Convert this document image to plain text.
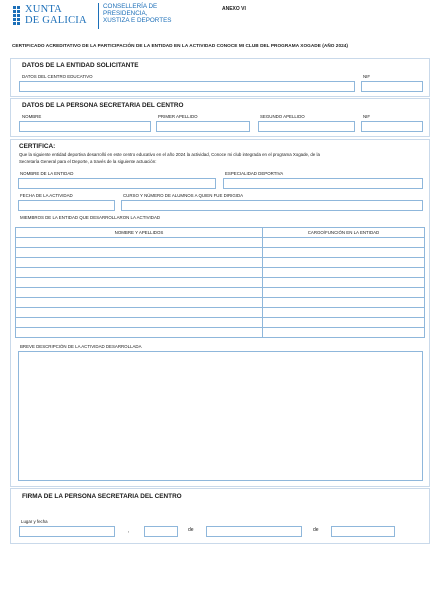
XUNTA
DE GALICIA
CONSELLERÍA DE
PRESIDENCIA,
XUSTIZA E DEPORTES
ANEXO VI
CERTIFICADO ACREDITATIVO DE LA PARTICIPACIÓN DE LA ENTIDAD EN LA ACTIVIDAD CONOCE MI CLUB DEL PROGRAMA XOGADE (AÑO 2024)
DATOS DE LA ENTIDAD SOLICITANTE
DATOS DEL CENTRO EDUCATIVO	NIF
DATOS DE LA PERSONA SECRETARIA DEL CENTRO
NOMBRE	PRIMER APELLIDO	SEGUNDO APELLIDO	NIF
CERTIFICA:
Que la siguiente entidad deportiva desarrolló en este centro educativo en el año 2024 la actividad, Conoce mi club integrada en el programa Xogade, de la
Secretaría General para el Deporte, a través de la siguiente actuación:
NOMBRE DE LA ENTIDAD	ESPECIALIDAD DEPORTIVA
FECHA DE LA ACTIVIDAD	CURSO Y NÚMERO DE ALUMNOS A QUIEN FUE DIRIGIDA
MIEMBROS DE LA ENTIDAD QUE DESARROLLARON LA ACTIVIDAD
NOMBRE Y APELLIDOS	CARGO/FUNCIÓN EN LA ENTIDAD

BREVE DESCRIPCIÓN DE LA ACTIVIDAD DESARROLLADA
FIRMA DE LA PERSONA SECRETARIA DEL CENTRO
Lugar y fecha
,	de	de
